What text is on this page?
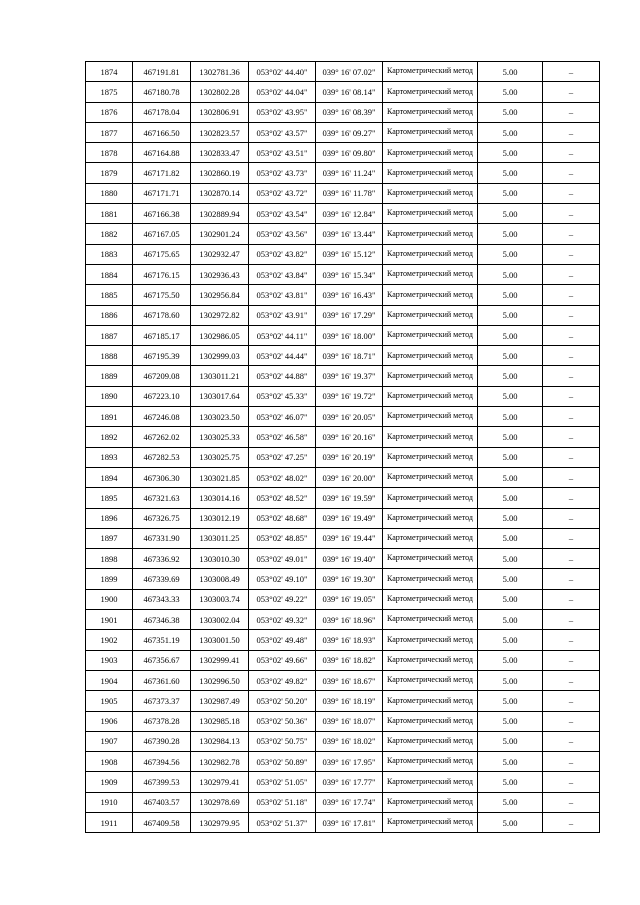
1874	467191.81	1302781.36	053°02' 44.40"	039° 16' 07.02"	Картометрический метод	5.00	–
1875	467180.78	1302802.28	053°02' 44.04"	039° 16' 08.14"	Картометрический метод	5.00	–
1876	467178.04	1302806.91	053°02' 43.95"	039° 16' 08.39"	Картометрический метод	5.00	–
1877	467166.50	1302823.57	053°02' 43.57"	039° 16' 09.27"	Картометрический метод	5.00	–
1878	467164.88	1302833.47	053°02' 43.51"	039° 16' 09.80"	Картометрический метод	5.00	–
1879	467171.82	1302860.19	053°02' 43.73"	039° 16' 11.24"	Картометрический метод	5.00	–
1880	467171.71	1302870.14	053°02' 43.72"	039° 16' 11.78"	Картометрический метод	5.00	–
1881	467166.38	1302889.94	053°02' 43.54"	039° 16' 12.84"	Картометрический метод	5.00	–
1882	467167.05	1302901.24	053°02' 43.56"	039° 16' 13.44"	Картометрический метод	5.00	–
1883	467175.65	1302932.47	053°02' 43.82"	039° 16' 15.12"	Картометрический метод	5.00	–
1884	467176.15	1302936.43	053°02' 43.84"	039° 16' 15.34"	Картометрический метод	5.00	–
1885	467175.50	1302956.84	053°02' 43.81"	039° 16' 16.43"	Картометрический метод	5.00	–
1886	467178.60	1302972.82	053°02' 43.91"	039° 16' 17.29"	Картометрический метод	5.00	–
1887	467185.17	1302986.05	053°02' 44.11"	039° 16' 18.00"	Картометрический метод	5.00	–
1888	467195.39	1302999.03	053°02' 44.44"	039° 16' 18.71"	Картометрический метод	5.00	–
1889	467209.08	1303011.21	053°02' 44.88"	039° 16' 19.37"	Картометрический метод	5.00	–
1890	467223.10	1303017.64	053°02' 45.33"	039° 16' 19.72"	Картометрический метод	5.00	–
1891	467246.08	1303023.50	053°02' 46.07"	039° 16' 20.05"	Картометрический метод	5.00	–
1892	467262.02	1303025.33	053°02' 46.58"	039° 16' 20.16"	Картометрический метод	5.00	–
1893	467282.53	1303025.75	053°02' 47.25"	039° 16' 20.19"	Картометрический метод	5.00	–
1894	467306.30	1303021.85	053°02' 48.02"	039° 16' 20.00"	Картометрический метод	5.00	–
1895	467321.63	1303014.16	053°02' 48.52"	039° 16' 19.59"	Картометрический метод	5.00	–
1896	467326.75	1303012.19	053°02' 48.68"	039° 16' 19.49"	Картометрический метод	5.00	–
1897	467331.90	1303011.25	053°02' 48.85"	039° 16' 19.44"	Картометрический метод	5.00	–
1898	467336.92	1303010.30	053°02' 49.01"	039° 16' 19.40"	Картометрический метод	5.00	–
1899	467339.69	1303008.49	053°02' 49.10"	039° 16' 19.30"	Картометрический метод	5.00	–
1900	467343.33	1303003.74	053°02' 49.22"	039° 16' 19.05"	Картометрический метод	5.00	–
1901	467346.38	1303002.04	053°02' 49.32"	039° 16' 18.96"	Картометрический метод	5.00	–
1902	467351.19	1303001.50	053°02' 49.48"	039° 16' 18.93"	Картометрический метод	5.00	–
1903	467356.67	1302999.41	053°02' 49.66"	039° 16' 18.82"	Картометрический метод	5.00	–
1904	467361.60	1302996.50	053°02' 49.82"	039° 16' 18.67"	Картометрический метод	5.00	–
1905	467373.37	1302987.49	053°02' 50.20"	039° 16' 18.19"	Картометрический метод	5.00	–
1906	467378.28	1302985.18	053°02' 50.36"	039° 16' 18.07"	Картометрический метод	5.00	–
1907	467390.28	1302984.13	053°02' 50.75"	039° 16' 18.02"	Картометрический метод	5.00	–
1908	467394.56	1302982.78	053°02' 50.89"	039° 16' 17.95"	Картометрический метод	5.00	–
1909	467399.53	1302979.41	053°02' 51.05"	039° 16' 17.77"	Картометрический метод	5.00	–
1910	467403.57	1302978.69	053°02' 51.18"	039° 16' 17.74"	Картометрический метод	5.00	–
1911	467409.58	1302979.95	053°02' 51.37"	039° 16' 17.81"	Картометрический метод	5.00	–
